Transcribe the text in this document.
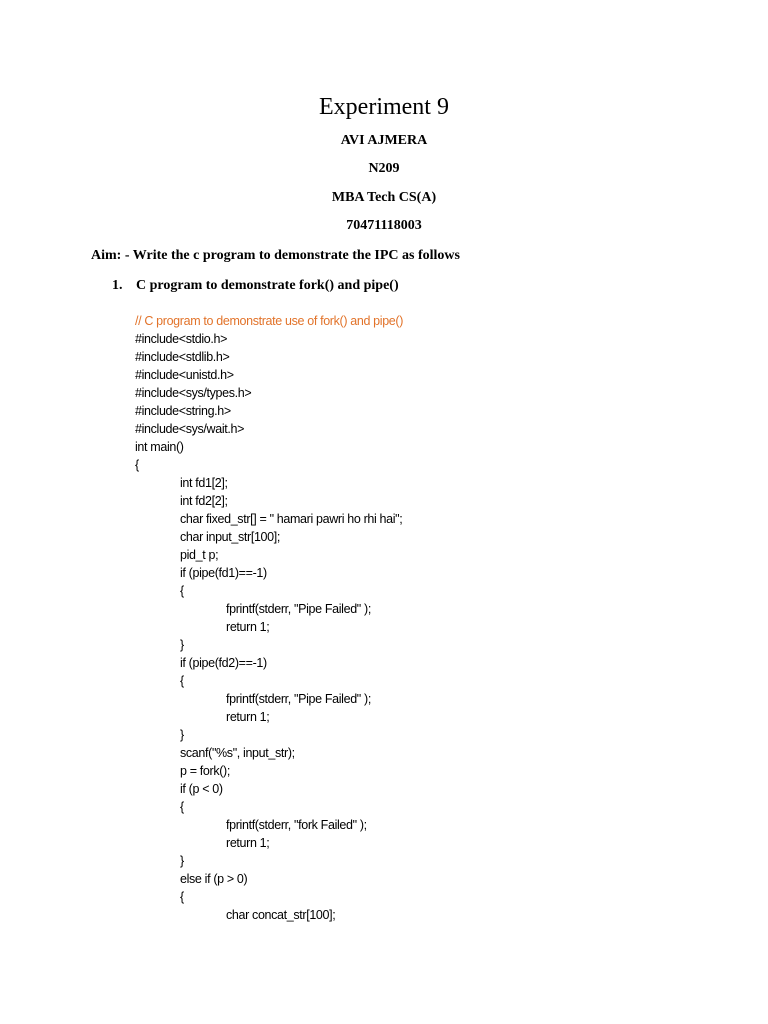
Experiment 9
AVI AJMERA
N209
MBA Tech CS(A)
70471118003
Aim: - Write the c program to demonstrate the IPC as follows
1. C program to demonstrate fork() and pipe()
// C program to demonstrate use of fork() and pipe()
#include<stdio.h>
#include<stdlib.h>
#include<unistd.h>
#include<sys/types.h>
#include<string.h>
#include<sys/wait.h>
int main()
{
int fd1[2];
int fd2[2];
char fixed_str[] = " hamari pawri ho rhi hai";
char input_str[100];
pid_t p;
if (pipe(fd1)==-1)
{
fprintf(stderr, "Pipe Failed" );
return 1;
}
if (pipe(fd2)==-1)
{
fprintf(stderr, "Pipe Failed" );
return 1;
}
scanf("%s", input_str);
p = fork();
if (p < 0)
{
fprintf(stderr, "fork Failed" );
return 1;
}
else if (p > 0)
{
char concat_str[100];
